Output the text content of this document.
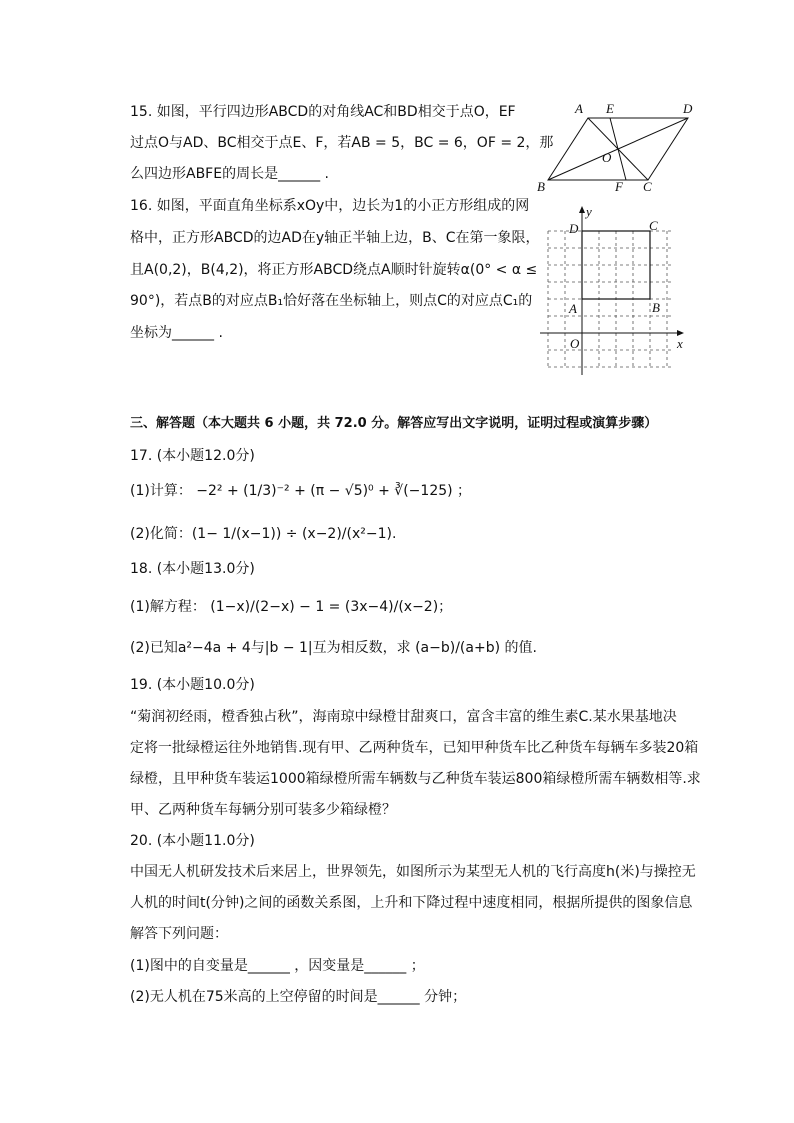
15. 如图，平行四边形ABCD的对角线AC和BD相交于点O，EF
过点O与AD、BC相交于点E、F，若AB = 5，BC = 6，OF = 2，那
么四边形ABFE的周长是______ .
A E	D
O
B	F C
16. 如图，平面直角坐标系xOy中，边长为1的小正方形组成的网
格中，正方形ABCD的边AD在y轴正半轴上边，B、C在第一象限，
且A(0,2)，B(4,2)，将正方形ABCD绕点A顺时针旋转α(0° < α ≤
90°)，若点B的对应点B₁恰好落在坐标轴上，则点C的对应点C₁的
坐标为______ .
y
D	C
A	B
O	x
三、解答题（本大题共 6 小题，共 72.0 分。解答应写出文字说明，证明过程或演算步骤）
17. (本小题12.0分)
(1)计算： −2² + (1/3)⁻² + (π − √5)⁰ + ∛(−125) ；
(2)化简：(1− 1/(x−1)) ÷ (x−2)/(x²−1).
18. (本小题13.0分)
(1)解方程： (1−x)/(2−x) − 1 = (3x−4)/(x−2)；
(2)已知a²−4a + 4与|b − 1|互为相反数，求 (a−b)/(a+b) 的值.
19. (本小题10.0分)
“菊润初经雨，橙香独占秋”，海南琼中绿橙甘甜爽口，富含丰富的维生素C.某水果基地决
定将一批绿橙运往外地销售.现有甲、乙两种货车，已知甲种货车比乙种货车每辆车多装20箱
绿橙，且甲种货车装运1000箱绿橙所需车辆数与乙种货车装运800箱绿橙所需车辆数相等.求
甲、乙两种货车每辆分别可装多少箱绿橙？
20. (本小题11.0分)
中国无人机研发技术后来居上，世界领先，如图所示为某型无人机的飞行高度h(米)与操控无
人机的时间t(分钟)之间的函数关系图，上升和下降过程中速度相同，根据所提供的图象信息
解答下列问题：
(1)图中的自变量是______ ，因变量是______ ；
(2)无人机在75米高的上空停留的时间是______ 分钟；
